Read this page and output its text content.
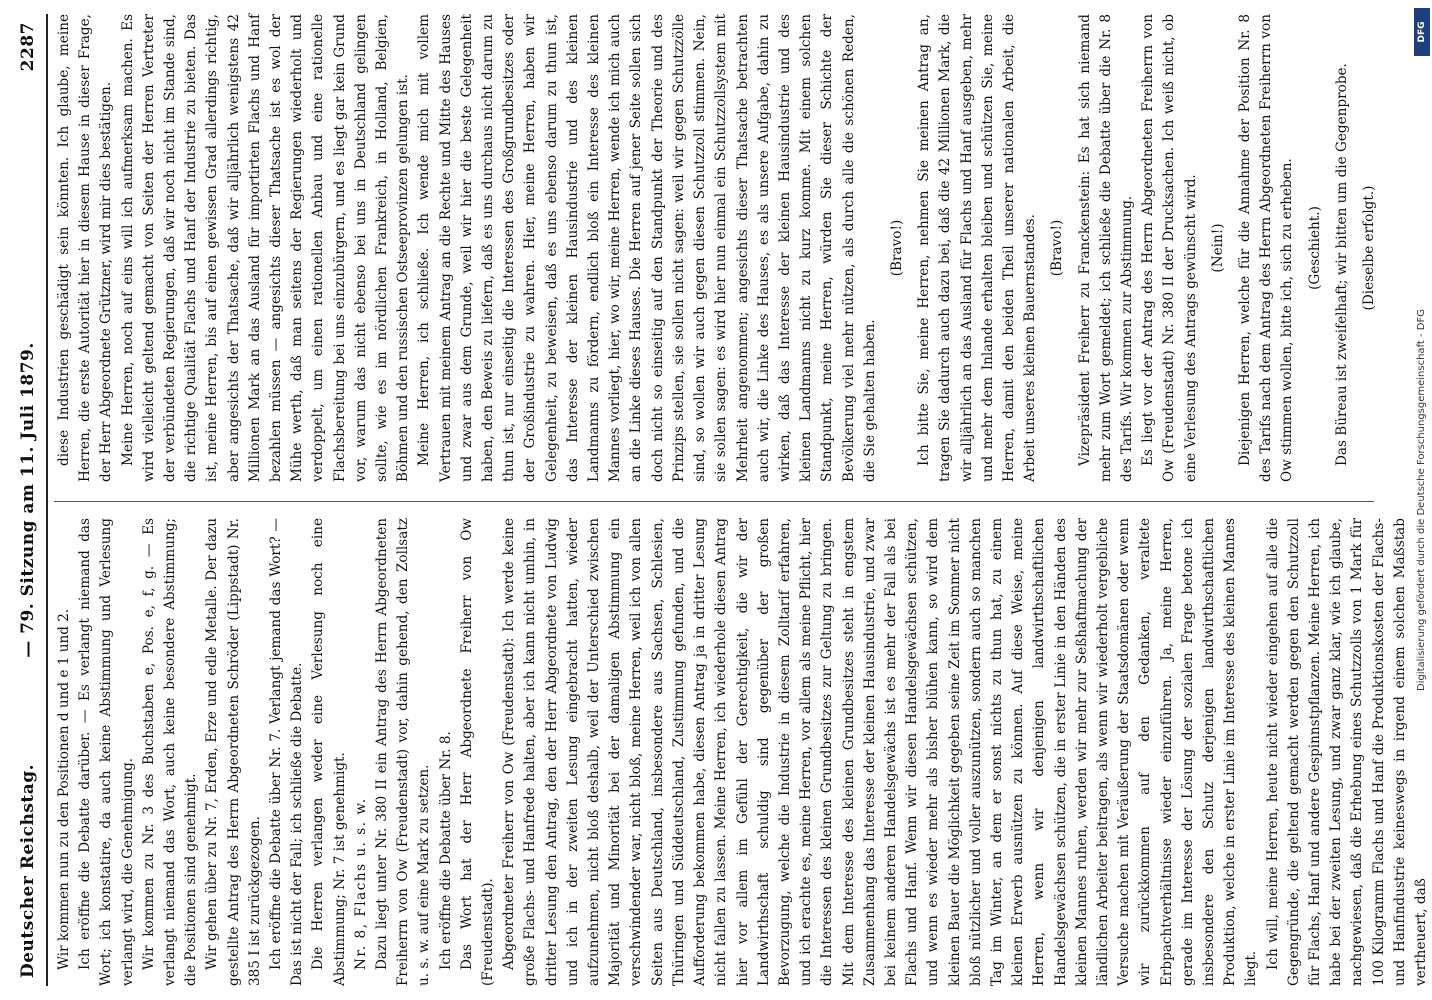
Deutscher Reichstag.
— 79. Sitzung am 11. Juli 1879.
2287

Wir kommen nun zu den Positionen d und e 1 und 2. Ich eröffne die Debatte darüber. — Es verlangt niemand das Wort; ich konstatire, da auch keine Abstimmung und Verlesung verlangt wird, die Genehmigung. Wir kommen zu Nr. 3 des Buchstaben e, Pos. e, f, g. — Es verlangt niemand das Wort, auch keine besondere Abstimmung; die Positionen sind genehmigt. Wir gehen über zu Nr. 7, Erden, Erze und edle Metalle. Der dazu gestellte Antrag des Herrn Abgeordneten Schröder (Lippstadt) Nr. 385 I ist zurückgezogen. Ich eröffne die Debatte über Nr. 7. Verlangt jemand das Wort? — Das ist nicht der Fall; ich schließe die Debatte. Die Herren verlangen weder eine Verlesung noch eine Abstimmung; Nr. 7 ist genehmigt. Nr. 8, Flachs u. s. w. Dazu liegt unter Nr. 380 II ein Antrag des Herrn Abgeordneten Freiherrn von Ow (Freudenstadt) vor, dahin gehend, den Zollsatz u. s. w. auf eine Mark zu setzen. Ich eröffne die Debatte über Nr. 8. Das Wort hat der Herr Abgeordnete Freiherr von Ow (Freudenstadt). Abgeordneter Freiherr von Ow (Freudenstadt): Ich werde keine große Flachs- und Hanfrede halten, aber ich kann nicht umhin, in dritter Lesung den Antrag, den der Herr Abgeordnete von Ludwig und ich in der zweiten Lesung eingebracht hatten, wieder aufzunehmen, nicht bloß deshalb, weil der Unterschied zwischen Majorität und Minorität bei der damaligen Abstimmung ein verschwindender war, nicht bloß, meine Herren, weil ich von allen Seiten aus Deutschland, insbesondere aus Sachsen, Schlesien, Thüringen und Süddeutschland, Zustimmung gefunden, und die Aufforderung bekommen habe, diesen Antrag ja in dritter Lesung nicht fallen zu lassen. Meine Herren, ich wiederhole diesen Antrag hier vor allem im Gefühl der Gerechtigkeit, die wir der Landwirthschaft schuldig sind gegenüber der großen Bevorzugung, welche die Industrie in diesem Zolltarif erfahren, und ich erachte es, meine Herren, vor allem als meine Pflicht, hier die Interessen des kleinen Grundbesitzes zur Geltung zu bringen. Mit dem Interesse des kleinen Grundbesitzes steht in engstem Zusammenhang das Interesse der kleinen Hausindustrie, und zwar bei keinem anderen Handelsgewächs ist es mehr der Fall als bei Flachs und Hanf. Wenn wir diesen Handelsgewächsen schützen, und wenn es wieder mehr als bisher blühen kann, so wird dem kleinen Bauer die Möglichkeit gegeben seine Zeit im Sommer nicht bloß nützlicher und voller auszunützen, sondern auch so manchen Tag im Winter, an dem er sonst nichts zu thun hat, zu einem kleinen Erwerb ausnützen zu können. Auf diese Weise, meine Herren, wenn wir denjenigen landwirthschaftlichen Handelsgewächsen schützen, die in erster Linie in den Händen des kleinen Mannes ruhen, werden wir mehr zur Seßhaftmachung der ländlichen Arbeiter beitragen, als wenn wir wiederholt vergebliche Versuche machen mit Veräußerung der Staatsdomänen oder wenn wir zurückkommen auf den Gedanken, veraltete Erbpachtverhältnisse wieder einzuführen. Ja, meine Herren, gerade im Interesse der Lösung der sozialen Frage betone ich insbesondere den Schutz derjenigen landwirthschaftlichen Produktion, welche in erster Linie im Interesse des kleinen Mannes liegt. Ich will, meine Herren, heute nicht wieder eingehen auf alle die Gegengründe, die geltend gemacht werden gegen den Schutzzoll für Flachs, Hanf und andere Gespinnstpflanzen. Meine Herren, ich habe bei der zweiten Lesung, und zwar ganz klar, wie ich glaube, nachgewiesen, daß die Erhebung eines Schutzzolls von 1 Mark für 100 Kilogramm Flachs und Hanf die Produktionskosten der Flachs- und Hanfindustrie keineswegs in irgend einem solchen Maßstab vertheuert, daß

diese Industrien geschädigt sein könnten. Ich glaube, meine Herren, die erste Autorität hier in diesem Hause in dieser Frage, der Herr Abgeordnete Grützner, wird mir dies bestätigen. Meine Herren, noch auf eins will ich aufmerksam machen. Es wird vielleicht geltend gemacht von Seiten der Herren Vertreter der verbündeten Regierungen, daß wir noch nicht im Stande sind, die richtige Qualität Flachs und Hanf der Industrie zu bieten. Das ist, meine Herren, bis auf einen gewissen Grad allerdings richtig, aber angesichts der Thatsache, daß wir alljährlich wenigstens 42 Millionen Mark an das Ausland für importirten Flachs und Hanf bezahlen müssen — angesichts dieser Thatsache ist es wol der Mühe werth, daß man seitens der Regierungen wiederholt und verdoppelt, um einen rationellen Anbau und eine rationelle Flachsbereitung bei uns einzubürgern, und es liegt gar kein Grund vor, warum das nicht ebenso bei uns in Deutschland gelingen sollte, wie es im nördlichen Frankreich, in Holland, Belgien, Böhmen und den russischen Ostseeprovinzen gelungen ist. Meine Herren, ich schließe. Ich wende mich mit vollem Vertrauen mit meinem Antrag an die Rechte und Mitte des Hauses und zwar aus dem Grunde, weil wir hier die beste Gelegenheit haben, den Beweis zu liefern, daß es uns durchaus nicht darum zu thun ist, nur einseitig die Interessen des Großgrundbesitzes oder der Großindustrie zu wahren. Hier, meine Herren, haben wir Gelegenheit, zu beweisen, daß es uns ebenso darum zu thun ist, das Interesse der kleinen Hausindustrie und des kleinen Landmanns zu fördern, endlich bloß ein Interesse des kleinen Mannes vorliegt, hier, wo wir, meine Herren, wende ich mich auch an die Linke dieses Hauses. Die Herren auf jener Seite sollen sich doch nicht so einseitig auf den Standpunkt der Theorie und des Prinzips stellen, sie sollen nicht sagen: weil wir gegen Schutzzölle sind, so wollen wir auch gegen diesen Schutzzoll stimmen. Nein, sie sollen sagen: es wird hier nun einmal ein Schutzzollsystem mit Mehrheit angenommen; angesichts dieser Thatsache betrachten auch wir, die Linke des Hauses, es als unsere Aufgabe, dahin zu wirken, daß das Interesse der kleinen Hausindustrie und des kleinen Landmanns nicht zu kurz komme. Mit einem solchen Standpunkt, meine Herren, würden Sie dieser Schichte der Bevölkerung viel mehr nützen, als durch alle die schönen Reden, die Sie gehalten haben.

(Bravo!) Ich bitte Sie, meine Herren, nehmen Sie meinen Antrag an, tragen Sie dadurch auch dazu bei, daß die 42 Millionen Mark, die wir alljährlich an das Ausland für Flachs und Hanf ausgeben, mehr und mehr dem Inlande erhalten bleiben und schützen Sie, meine Herren, damit den beiden Theil unserer nationalen Arbeit, die Arbeit unseres kleinen Bauernstandes. (Bravo!) Vizepräsident Freiherr zu Franckenstein: Es hat sich niemand mehr zum Wort gemeldet; ich schließe die Debatte über die Nr. 8 des Tarifs. Wir kommen zur Abstimmung. Es liegt vor der Antrag des Herrn Abgeordneten Freiherrn von Ow (Freudenstadt) Nr. 380 II der Drucksachen. Ich weiß nicht, ob eine Verlesung des Antrags gewünscht wird. (Nein!) Diejenigen Herren, welche für die Annahme der Position Nr. 8 des Tarifs nach dem Antrag des Herrn Abgeordneten Freiherrn von Ow stimmen wollen, bitte ich, sich zu erheben. (Geschieht.) Das Büreau ist zweifelhaft; wir bitten um die Gegenprobe. (Dieselbe erfolgt.)

Digitalisierung gefördert durch die Deutsche Forschungsgemeinschaft - DFG
DFG
